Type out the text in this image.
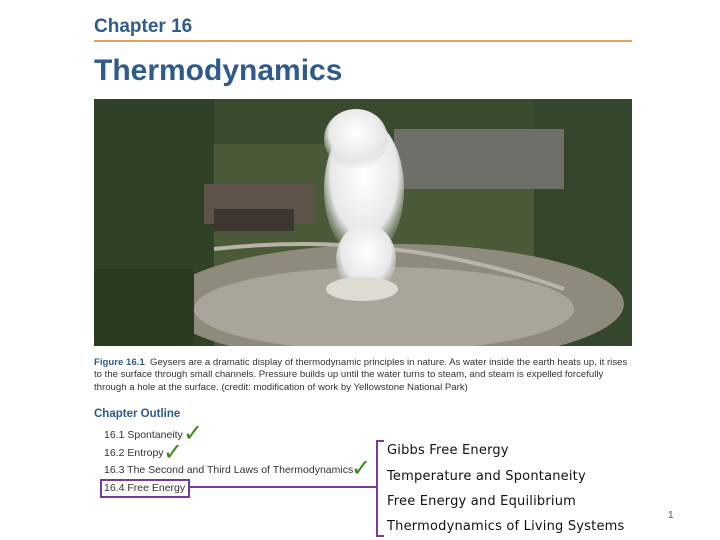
Chapter 16
Thermodynamics
Figure 16.1 Geysers are a dramatic display of thermodynamic principles in nature. As water inside the earth heats up, it rises to the surface through small channels. Pressure builds up until the water turns to steam, and steam is expelled forcefully through a hole at the surface. (credit: modification of work by Yellowstone National Park)
Chapter Outline
16.1 Spontaneity
16.2 Entropy
16.3 The Second and Third Laws of Thermodynamics
16.4 Free Energy
✓
✓
✓
Gibbs Free Energy
Temperature and Spontaneity
Free Energy and Equilibrium
Thermodynamics of Living Systems
1
